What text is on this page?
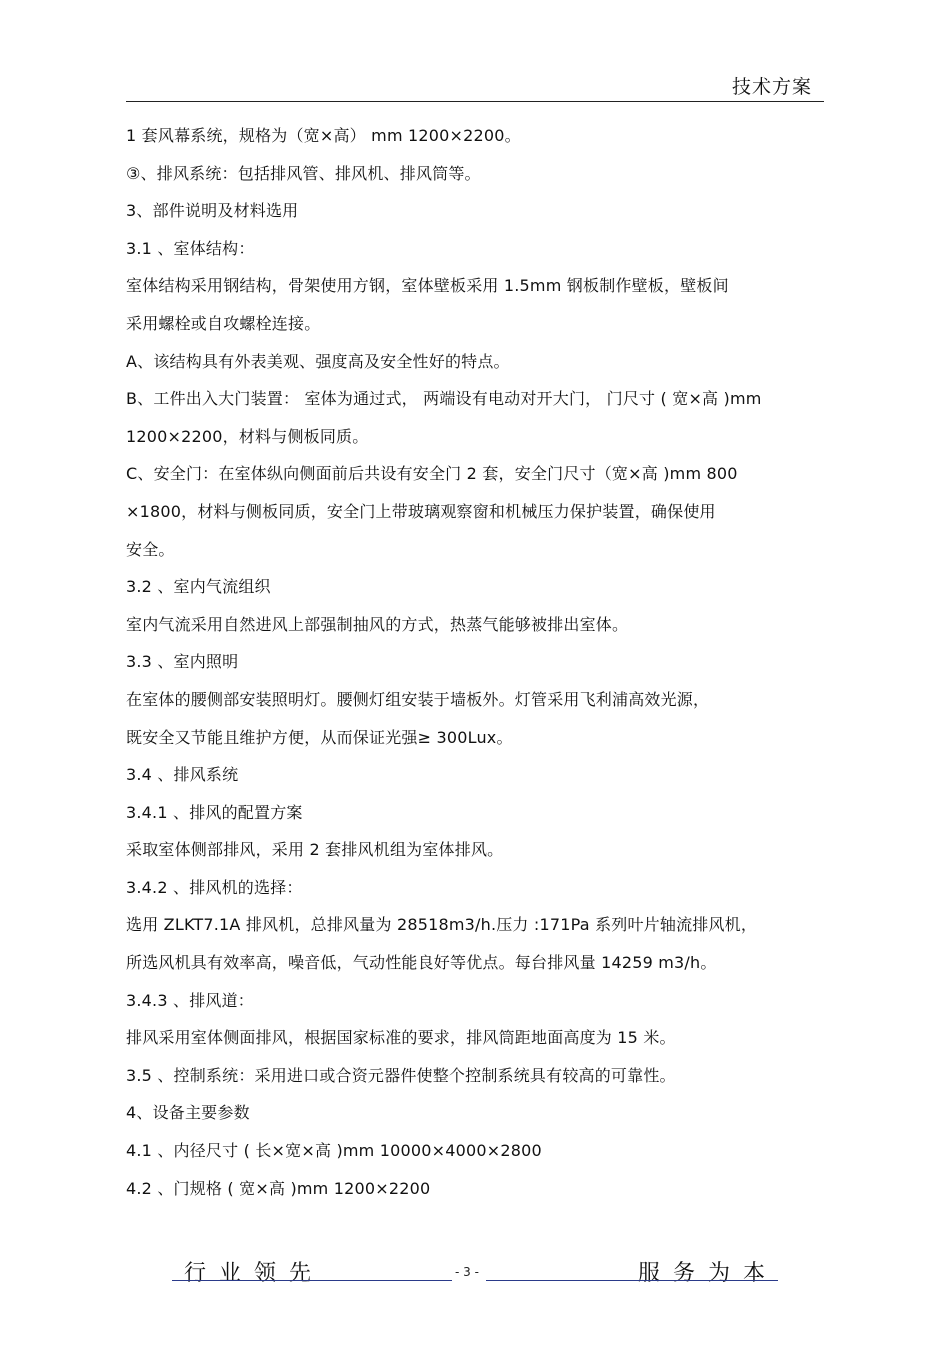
技术方案
1 套风幕系统，规格为（宽×高） mm 1200×2200。
③、排风系统：包括排风管、排风机、排风筒等。
3、部件说明及材料选用
3.1 、室体结构：
室体结构采用钢结构，骨架使用方钢，室体壁板采用 1.5mm 钢板制作壁板，壁板间
采用螺栓或自攻螺栓连接。
A、该结构具有外表美观、强度高及安全性好的特点。
B、工件出入大门装置： 室体为通过式， 两端设有电动对开大门， 门尺寸 ( 宽×高 )mm
1200×2200，材料与侧板同质。
C、安全门：在室体纵向侧面前后共设有安全门 2 套，安全门尺寸（宽×高 )mm 800
×1800，材料与侧板同质，安全门上带玻璃观察窗和机械压力保护装置，确保使用
安全。
3.2 、室内气流组织
室内气流采用自然进风上部强制抽风的方式，热蒸气能够被排出室体。
3.3 、室内照明
在室体的腰侧部安装照明灯。腰侧灯组安装于墙板外。灯管采用飞利浦高效光源，
既安全又节能且维护方便，从而保证光强≥ 300Lux。
3.4 、排风系统
3.4.1 、排风的配置方案
采取室体侧部排风，采用 2 套排风机组为室体排风。
3.4.2 、排风机的选择：
选用 ZLKT7.1A 排风机，总排风量为 28518m3/h.压力 :171Pa 系列叶片轴流排风机，
所选风机具有效率高，噪音低，气动性能良好等优点。每台排风量 14259 m3/h。
3.4.3 、排风道：
排风采用室体侧面排风，根据国家标准的要求，排风筒距地面高度为 15 米。
3.5 、控制系统：采用进口或合资元器件使整个控制系统具有较高的可靠性。
4、设备主要参数
4.1 、内径尺寸 ( 长×宽×高 )mm 10000×4000×2800
4.2 、门规格 ( 宽×高 )mm 1200×2200
行业领先	- 3 -	服务为本
